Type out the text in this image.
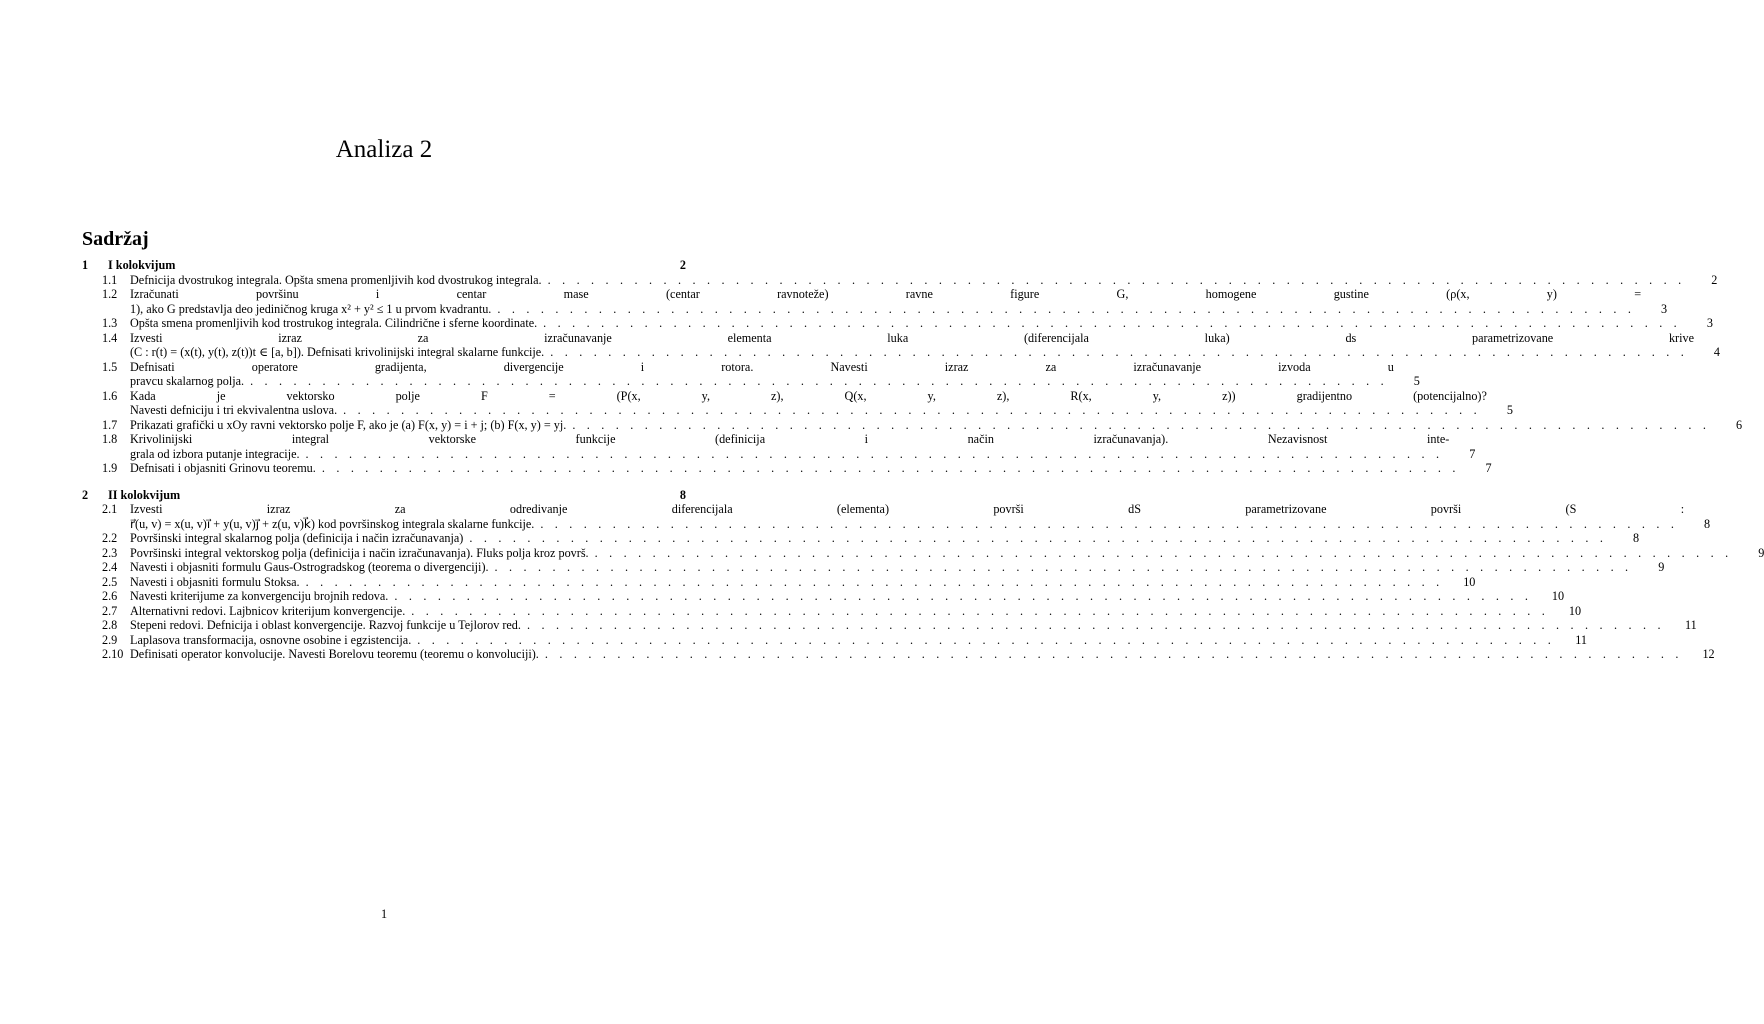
Analiza 2
Sadržaj
1	I kolokvijum	2
1.1	Defnicija dvostrukog integrala. Opšta smena promenljivih kod dvostrukog integrala. . . . . . . . . . . . . . . . . . . . . . . . . . . . . . . . . . . . . . . . . . . . . . . . . . . . . . . . . . . . . . . . . . . . . . . . . . . . . . . .	2
1.2	Izračunati površinu i centar mase (centar ravnoteže) ravne figure G, homogene gustine (ρ(x, y) =
1), ako G predstavlja deo jediničnog kruga x² + y² ≤ 1 u prvom kvadrantu. . . . . . . . . . . . . . . . . . . . . . . . . . . . . . . . . . . . . . . . . . . . . . . . . . . . . . . . . . . . . . . . . . . . . . . . . . . . . . . .	3
1.3	Opšta smena promenljivih kod trostrukog integrala. Cilindrične i sferne koordinate. . . . . . . . . . . . . . . . . . . . . . . . . . . . . . . . . . . . . . . . . . . . . . . . . . . . . . . . . . . . . . . . . . . . . . . . . . . . . . . .	3
1.4	Izvesti izraz za izračunavanje elementa luka (diferencijala luka) ds parametrizovane krive
(C : r(t) = (x(t), y(t), z(t))t ∈ [a, b]). Defnisati krivolinijski integral skalarne funkcije. . . . . . . . . . . . . . . . . . . . . . . . . . . . . . . . . . . . . . . . . . . . . . . . . . . . . . . . . . . . . . . . . . . . . . . . . . . . . . . .	4
1.5	Defnisati operatore gradijenta, divergencije i rotora. Navesti izraz za izračunavanje izvoda u
pravcu skalarnog polja. . . . . . . . . . . . . . . . . . . . . . . . . . . . . . . . . . . . . . . . . . . . . . . . . . . . . . . . . . . . . . . . . . . . . . . . . . . . . . . .	5
1.6	Kada je vektorsko polje F = (P(x, y, z), Q(x, y, z), R(x, y, z)) gradijentno (potencijalno)?
Navesti defniciju i tri ekvivalentna uslova. . . . . . . . . . . . . . . . . . . . . . . . . . . . . . . . . . . . . . . . . . . . . . . . . . . . . . . . . . . . . . . . . . . . . . . . . . . . . . . .	5
1.7	Prikazati grafički u xOy ravni vektorsko polje F, ako je (a) F(x, y) = i + j; (b) F(x, y) = yj. . . . . . . . . . . . . . . . . . . . . . . . . . . . . . . . . . . . . . . . . . . . . . . . . . . . . . . . . . . . . . . . . . . . . . . . . . . . . . . .	6
1.8	Krivolinijski integral vektorske funkcije (definicija i način izračunavanja). Nezavisnost inte-
grala od izbora putanje integracije. . . . . . . . . . . . . . . . . . . . . . . . . . . . . . . . . . . . . . . . . . . . . . . . . . . . . . . . . . . . . . . . . . . . . . . . . . . . . . . .	7
1.9	Defnisati i objasniti Grinovu teoremu. . . . . . . . . . . . . . . . . . . . . . . . . . . . . . . . . . . . . . . . . . . . . . . . . . . . . . . . . . . . . . . . . . . . . . . . . . . . . . . .	7
2	II kolokvijum	8
2.1	Izvesti izraz za odredivanje diferencijala (elementa) površi dS parametrizovane površi (S :
r⃗(u, v) = x(u, v)i⃗ + y(u, v)j⃗ + z(u, v)k⃗) kod površinskog integrala skalarne funkcije. . . . . . . . . . . . . . . . . . . . . . . . . . . . . . . . . . . . . . . . . . . . . . . . . . . . . . . . . . . . . . . . . . . . . . . . . . . . . . . .	8
2.2	Površinski integral skalarnog polja (definicija i način izračunavanja) . . . . . . . . . . . . . . . . . . . . . . . . . . . . . . . . . . . . . . . . . . . . . . . . . . . . . . . . . . . . . . . . . . . . . . . . . . . . . . .	8
2.3	Površinski integral vektorskog polja (definicija i način izračunavanja). Fluks polja kroz površ. . . . . . . . . . . . . . . . . . . . . . . . . . . . . . . . . . . . . . . . . . . . . . . . . . . . . . . . . . . . . . . . . . . . . . . . . . . . . . . .	9
2.4	Navesti i objasniti formulu Gaus-Ostrogradskog (teorema o divergenciji). . . . . . . . . . . . . . . . . . . . . . . . . . . . . . . . . . . . . . . . . . . . . . . . . . . . . . . . . . . . . . . . . . . . . . . . . . . . . . . .	9
2.5	Navesti i objasniti formulu Stoksa. . . . . . . . . . . . . . . . . . . . . . . . . . . . . . . . . . . . . . . . . . . . . . . . . . . . . . . . . . . . . . . . . . . . . . . . . . . . . . . .	10
2.6	Navesti kriterijume za konvergenciju brojnih redova. . . . . . . . . . . . . . . . . . . . . . . . . . . . . . . . . . . . . . . . . . . . . . . . . . . . . . . . . . . . . . . . . . . . . . . . . . . . . . . .	10
2.7	Alternativni redovi. Lajbnicov kriterijum konvergencije. . . . . . . . . . . . . . . . . . . . . . . . . . . . . . . . . . . . . . . . . . . . . . . . . . . . . . . . . . . . . . . . . . . . . . . . . . . . . . . .	10
2.8	Stepeni redovi. Defnicija i oblast konvergencije. Razvoj funkcije u Tejlorov red. . . . . . . . . . . . . . . . . . . . . . . . . . . . . . . . . . . . . . . . . . . . . . . . . . . . . . . . . . . . . . . . . . . . . . . . . . . . . . . .	11
2.9	Laplasova transformacija, osnovne osobine i egzistencija. . . . . . . . . . . . . . . . . . . . . . . . . . . . . . . . . . . . . . . . . . . . . . . . . . . . . . . . . . . . . . . . . . . . . . . . . . . . . . . .	11
2.10 Definisati operator konvolucije. Navesti Borelovu teoremu (teoremu o konvoluciji). . . . . . . . . . . . . . . . . . . . . . . . . . . . . . . . . . . . . . . . . . . . . . . . . . . . . . . . . . . . . . . . . . . . . . . . . . . . . . . .	12
1
